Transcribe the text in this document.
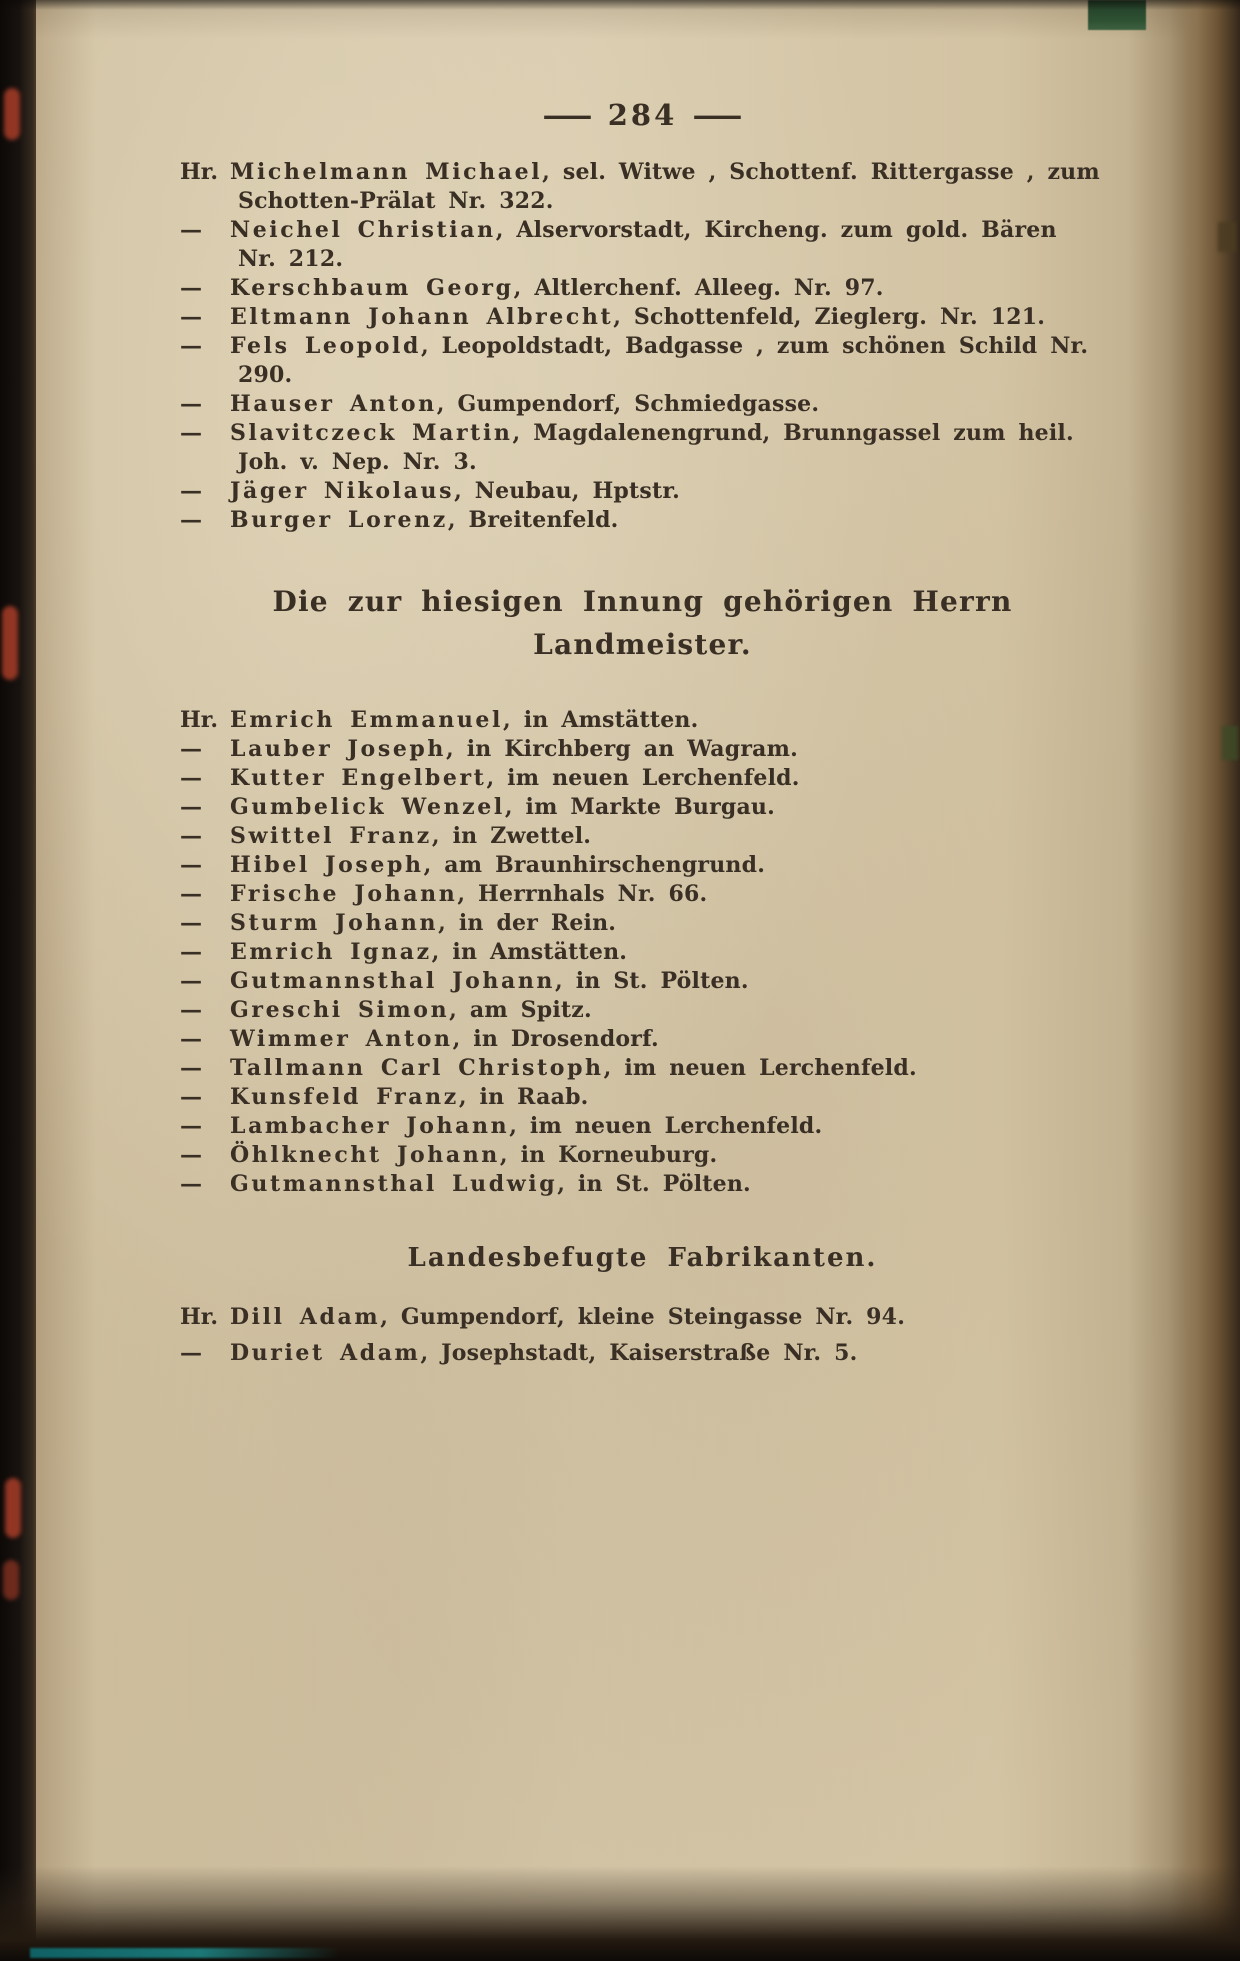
— 284 —

Hr. Michelmann Michael, sel. Witwe , Schottenf. Rittergasse , zum Schotten-Prälat Nr. 322.

— Neichel Christian, Alservorstadt, Kircheng. zum gold. Bären Nr. 212.

— Kerschbaum Georg, Altlerchenf. Alleeg. Nr. 97.

— Eltmann Johann Albrecht, Schottenfeld, Zieglerg. Nr. 121.

— Fels Leopold, Leopoldstadt, Badgasse , zum schönen Schild Nr. 290.

— Hauser Anton, Gumpendorf, Schmiedgasse.

— Slavitczeck Martin, Magdalenengrund, Brunngassel zum heil. Joh. v. Nep. Nr. 3.

— Jäger Nikolaus, Neubau, Hptstr.

— Burger Lorenz, Breitenfeld.

Die zur hiesigen Innung gehörigen Herrn
Landmeister.

Hr. Emrich Emmanuel, in Amstätten.

— Lauber Joseph, in Kirchberg an Wagram.

— Kutter Engelbert, im neuen Lerchenfeld.

— Gumbelick Wenzel, im Markte Burgau.

— Swittel Franz, in Zwettel.

— Hibel Joseph, am Braunhirschengrund.

— Frische Johann, Herrnhals Nr. 66.

— Sturm Johann, in der Rein.

— Emrich Ignaz, in Amstätten.

— Gutmannsthal Johann, in St. Pölten.

— Greschi Simon, am Spitz.

— Wimmer Anton, in Drosendorf.

— Tallmann Carl Christoph, im neuen Lerchenfeld.

— Kunsfeld Franz, in Raab.

— Lambacher Johann, im neuen Lerchenfeld.

— Öhlknecht Johann, in Korneuburg.

— Gutmannsthal Ludwig, in St. Pölten.

Landesbefugte Fabrikanten.

Hr. Dill Adam, Gumpendorf, kleine Steingasse Nr. 94.

— Duriet Adam, Josephstadt, Kaiserstraße Nr. 5.
